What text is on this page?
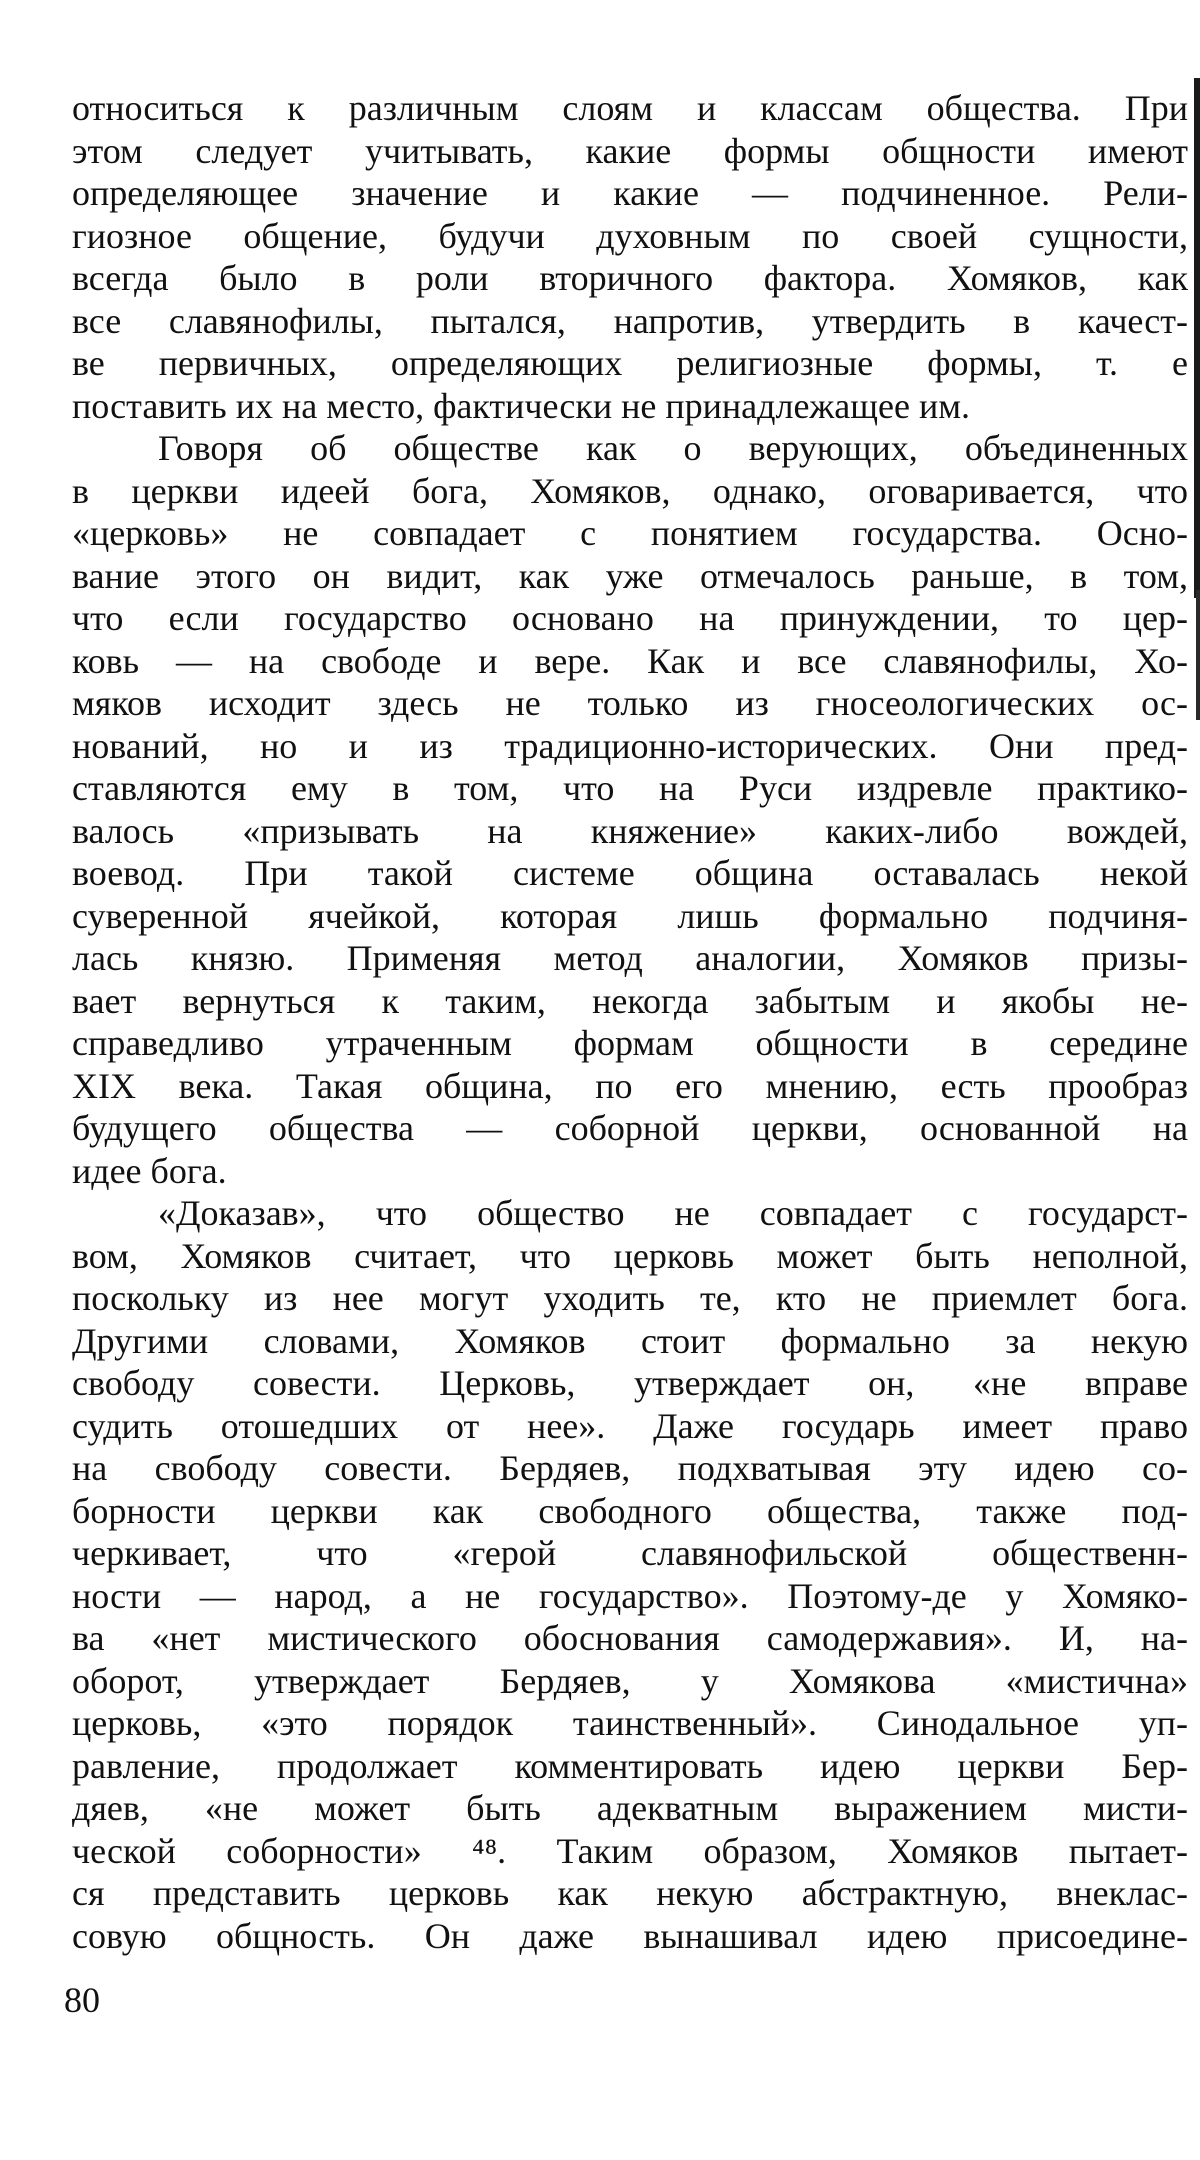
относиться к различным слоям и классам общества. При
этом следует учитывать, какие формы общности имеют
определяющее значение и какие — подчиненное. Рели-
гиозное общение, будучи духовным по своей сущности,
всегда было в роли вторичного фактора. Хомяков, как
все славянофилы, пытался, напротив, утвердить в качест-
ве первичных, определяющих религиозные формы, т. е
поставить их на место, фактически не принадлежащее им.
Говоря об обществе как о верующих, объединенных
в церкви идеей бога, Хомяков, однако, оговаривается, что
«церковь» не совпадает с понятием государства. Осно-
вание этого он видит, как уже отмечалось раньше, в том,
что если государство основано на принуждении, то цер-
ковь — на свободе и вере. Как и все славянофилы, Хо-
мяков исходит здесь не только из гносеологических ос-
нований, но и из традиционно-исторических. Они пред-
ставляются ему в том, что на Руси издревле практико-
валось «призывать на княжение» каких-либо вождей,
воевод. При такой системе община оставалась некой
суверенной ячейкой, которая лишь формально подчиня-
лась князю. Применяя метод аналогии, Хомяков призы-
вает вернуться к таким, некогда забытым и якобы не-
справедливо утраченным формам общности в середине
XIX века. Такая община, по его мнению, есть прообраз
будущего общества — соборной церкви, основанной на
идее бога.
«Доказав», что общество не совпадает с государст-
вом, Хомяков считает, что церковь может быть неполной,
поскольку из нее могут уходить те, кто не приемлет бога.
Другими словами, Хомяков стоит формально за некую
свободу совести. Церковь, утверждает он, «не вправе
судить отошедших от нее». Даже государь имеет право
на свободу совести. Бердяев, подхватывая эту идею со-
борности церкви как свободного общества, также под-
черкивает, что «герой славянофильской общественн-
ности — народ, а не государство». Поэтому-де у Хомяко-
ва «нет мистического обоснования самодержавия». И, на-
оборот, утверждает Бердяев, у Хомякова «мистична»
церковь, «это порядок таинственный». Синодальное уп-
равление, продолжает комментировать идею церкви Бер-
дяев, «не может быть адекватным выражением мисти-
ческой соборности» ⁴⁸. Таким образом, Хомяков пытает-
ся представить церковь как некую абстрактную, внеклас-
совую общность. Он даже вынашивал идею присоедине-
80
